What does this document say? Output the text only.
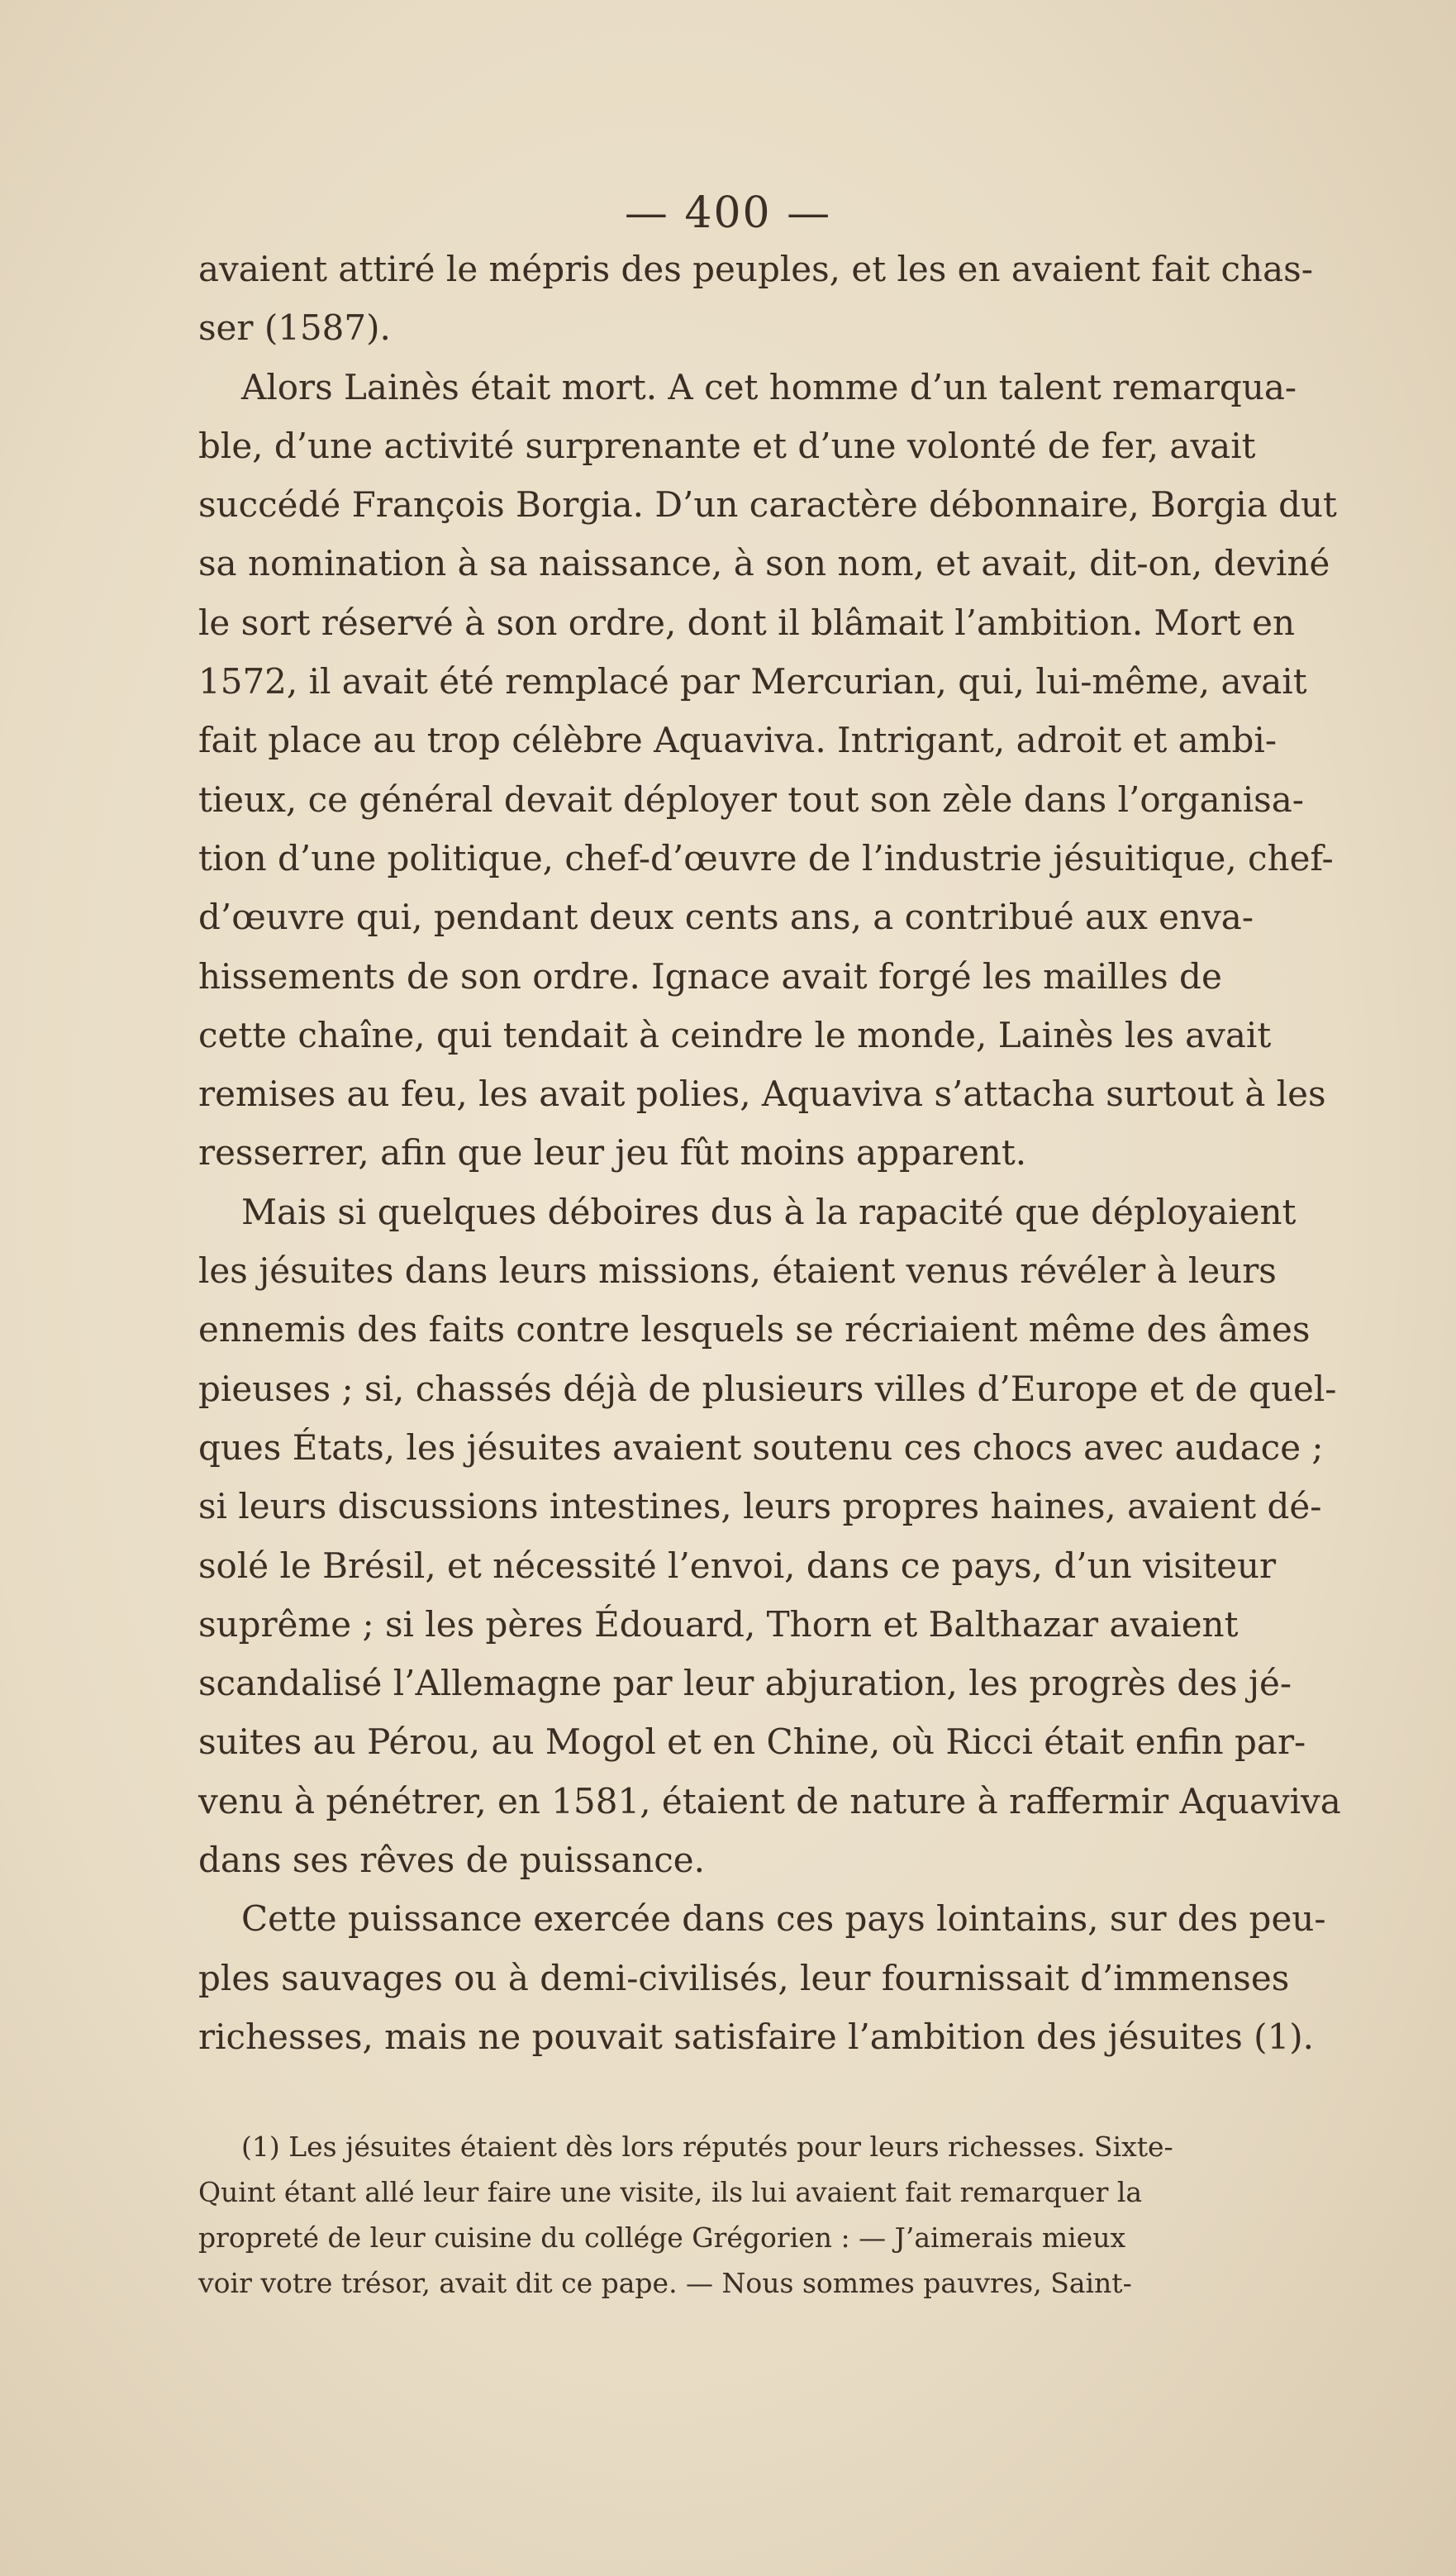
— 400 —
avaient attiré le mépris des peuples, et les en avaient fait chas-
ser (1587).
Alors Lainès était mort. A cet homme d’un talent remarqua-
ble, d’une activité surprenante et d’une volonté de fer, avait
succédé François Borgia. D’un caractère débonnaire, Borgia dut
sa nomination à sa naissance, à son nom, et avait, dit-on, deviné
le sort réservé à son ordre, dont il blâmait l’ambition. Mort en
1572, il avait été remplacé par Mercurian, qui, lui-même, avait
fait place au trop célèbre Aquaviva. Intrigant, adroit et ambi-
tieux, ce général devait déployer tout son zèle dans l’organisa-
tion d’une politique, chef-d’œuvre de l’industrie jésuitique, chef-
d’œuvre qui, pendant deux cents ans, a contribué aux enva-
hissements de son ordre. Ignace avait forgé les mailles de
cette chaîne, qui tendait à ceindre le monde, Lainès les avait
remises au feu, les avait polies, Aquaviva s’attacha surtout à les
resserrer, afin que leur jeu fût moins apparent.
Mais si quelques déboires dus à la rapacité que déployaient
les jésuites dans leurs missions, étaient venus révéler à leurs
ennemis des faits contre lesquels se récriaient même des âmes
pieuses ; si, chassés déjà de plusieurs villes d’Europe et de quel-
ques États, les jésuites avaient soutenu ces chocs avec audace ;
si leurs discussions intestines, leurs propres haines, avaient dé-
solé le Brésil, et nécessité l’envoi, dans ce pays, d’un visiteur
suprême ; si les pères Édouard, Thorn et Balthazar avaient
scandalisé l’Allemagne par leur abjuration, les progrès des jé-
suites au Pérou, au Mogol et en Chine, où Ricci était enfin par-
venu à pénétrer, en 1581, étaient de nature à raffermir Aquaviva
dans ses rêves de puissance.
Cette puissance exercée dans ces pays lointains, sur des peu-
ples sauvages ou à demi-civilisés, leur fournissait d’immenses
richesses, mais ne pouvait satisfaire l’ambition des jésuites (1).
(1) Les jésuites étaient dès lors réputés pour leurs richesses. Sixte-
Quint étant allé leur faire une visite, ils lui avaient fait remarquer la
propreté de leur cuisine du collége Grégorien : — J’aimerais mieux
voir votre trésor, avait dit ce pape. — Nous sommes pauvres, Saint-
